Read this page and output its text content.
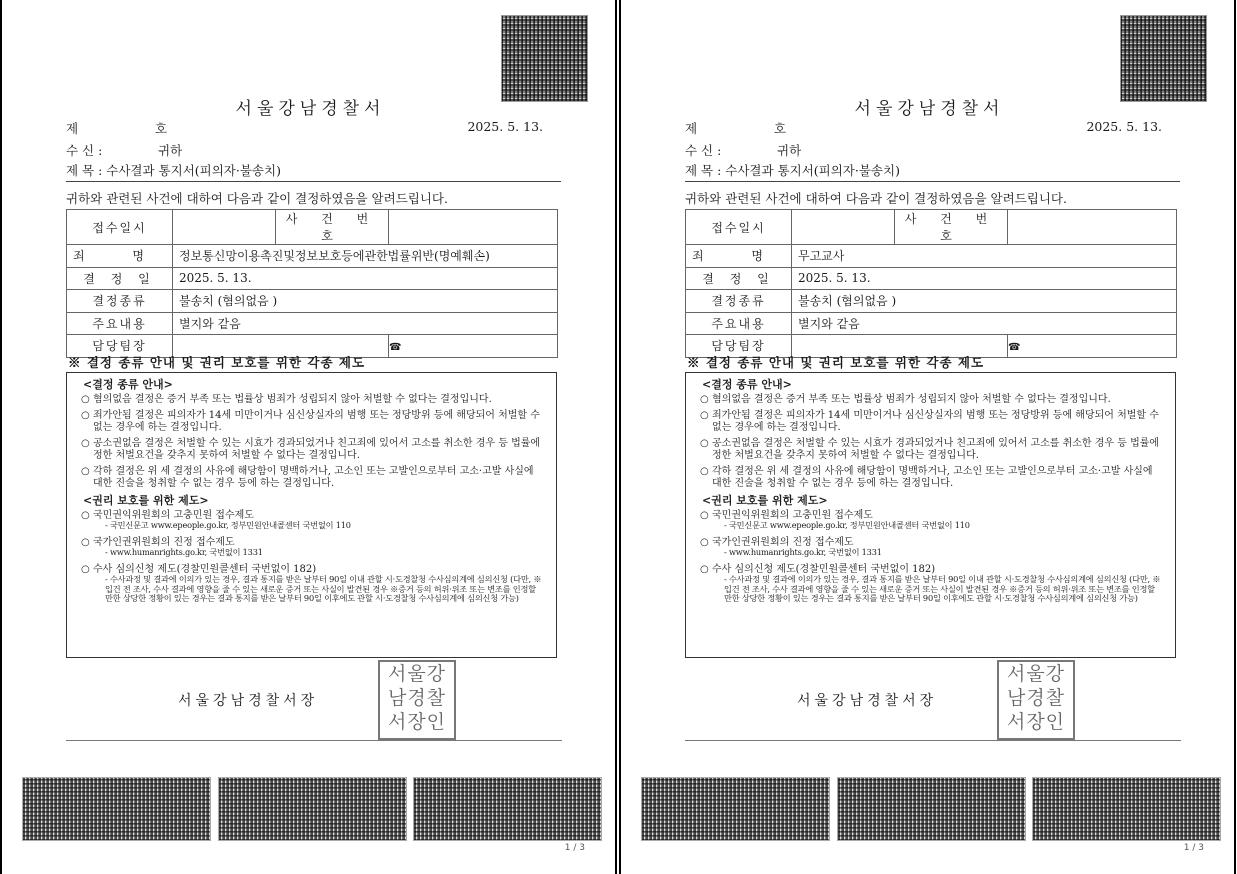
서울강남경찰서
제	호	2025. 5. 13.
수 신 :	귀하
제 목 : 수사결과 통지서(피의자·불송치)
귀하와 관련된 사건에 대하여 다음과 같이 결정하였음을 알려드립니다.
접수일시		사 건 번 호	
죄 명	정보통신망이용촉진및정보보호등에관한법률위반(명예훼손)		
결 정 일	2025. 5. 13.		
결정종류	불송치 (혐의없음 )		
주요내용	별지와 같음		
담당팀장			☎
※ 결정 종류 안내 및 권리 보호를 위한 각종 제도
<결정 종류 안내>
○ 혐의없음 결정은 증거 부족 또는 법률상 범죄가 성립되지 않아 처벌할 수 없다는 결정입니다.
○ 죄가안됨 결정은 피의자가 14세 미만이거나 심신상실자의 범행 또는 정당방위 등에 해당되어 처벌할 수 없는 경우에 하는 결정입니다.
○ 공소권없음 결정은 처벌할 수 있는 시효가 경과되었거나 친고죄에 있어서 고소를 취소한 경우 등 법률에 정한 처벌요건을 갖추지 못하여 처벌할 수 없다는 결정입니다.
○ 각하 결정은 위 세 결정의 사유에 해당함이 명백하거나, 고소인 또는 고발인으로부터 고소·고발 사실에 대한 진술을 청취할 수 없는 경우 등에 하는 결정입니다.
<권리 보호를 위한 제도>
○ 국민권익위원회의 고충민원 접수제도
- 국민신문고 www.epeople.go.kr, 정부민원안내콜센터 국번없이 110
○ 국가인권위원회의 진정 접수제도
- www.humanrights.go.kr, 국번없이 1331
○ 수사 심의신청 제도(경찰민원콜센터 국번없이 182)
- 수사과정 및 결과에 이의가 있는 경우, 결과 통지를 받은 날부터 90일 이내 관할 시·도경찰청 수사심의계에 심의신청 (다만, ※입건 전 조사, 수사 결과에 영향을 줄 수 있는 새로운 증거 또는 사실이 발견된 경우 ※증거 등의 허위·위조 또는 변조를 인정할 만한 상당한 정황이 있는 경우는 결과 통지를 받은 날부터 90일 이후에도 관할 시·도경찰청 수사심의계에 심의신청 가능)
서울강남경찰서장
서울강
남경찰
서장인
1 / 3
서울강남경찰서
제	호	2025. 5. 13.
수 신 :	귀하
제 목 : 수사결과 통지서(피의자·불송치)
귀하와 관련된 사건에 대하여 다음과 같이 결정하였음을 알려드립니다.
접수일시		사 건 번 호	
죄 명	무고교사		
결 정 일	2025. 5. 13.		
결정종류	불송치 (혐의없음 )		
주요내용	별지와 같음		
담당팀장			☎
※ 결정 종류 안내 및 권리 보호를 위한 각종 제도
<결정 종류 안내>
○ 혐의없음 결정은 증거 부족 또는 법률상 범죄가 성립되지 않아 처벌할 수 없다는 결정입니다.
○ 죄가안됨 결정은 피의자가 14세 미만이거나 심신상실자의 범행 또는 정당방위 등에 해당되어 처벌할 수 없는 경우에 하는 결정입니다.
○ 공소권없음 결정은 처벌할 수 있는 시효가 경과되었거나 친고죄에 있어서 고소를 취소한 경우 등 법률에 정한 처벌요건을 갖추지 못하여 처벌할 수 없다는 결정입니다.
○ 각하 결정은 위 세 결정의 사유에 해당함이 명백하거나, 고소인 또는 고발인으로부터 고소·고발 사실에 대한 진술을 청취할 수 없는 경우 등에 하는 결정입니다.
<권리 보호를 위한 제도>
○ 국민권익위원회의 고충민원 접수제도
- 국민신문고 www.epeople.go.kr, 정부민원안내콜센터 국번없이 110
○ 국가인권위원회의 진정 접수제도
- www.humanrights.go.kr, 국번없이 1331
○ 수사 심의신청 제도(경찰민원콜센터 국번없이 182)
- 수사과정 및 결과에 이의가 있는 경우, 결과 통지를 받은 날부터 90일 이내 관할 시·도경찰청 수사심의계에 심의신청 (다만, ※입건 전 조사, 수사 결과에 영향을 줄 수 있는 새로운 증거 또는 사실이 발견된 경우 ※증거 등의 허위·위조 또는 변조를 인정할 만한 상당한 정황이 있는 경우는 결과 통지를 받은 날부터 90일 이후에도 관할 시·도경찰청 수사심의계에 심의신청 가능)
서울강남경찰서장
서울강
남경찰
서장인
1 / 3
